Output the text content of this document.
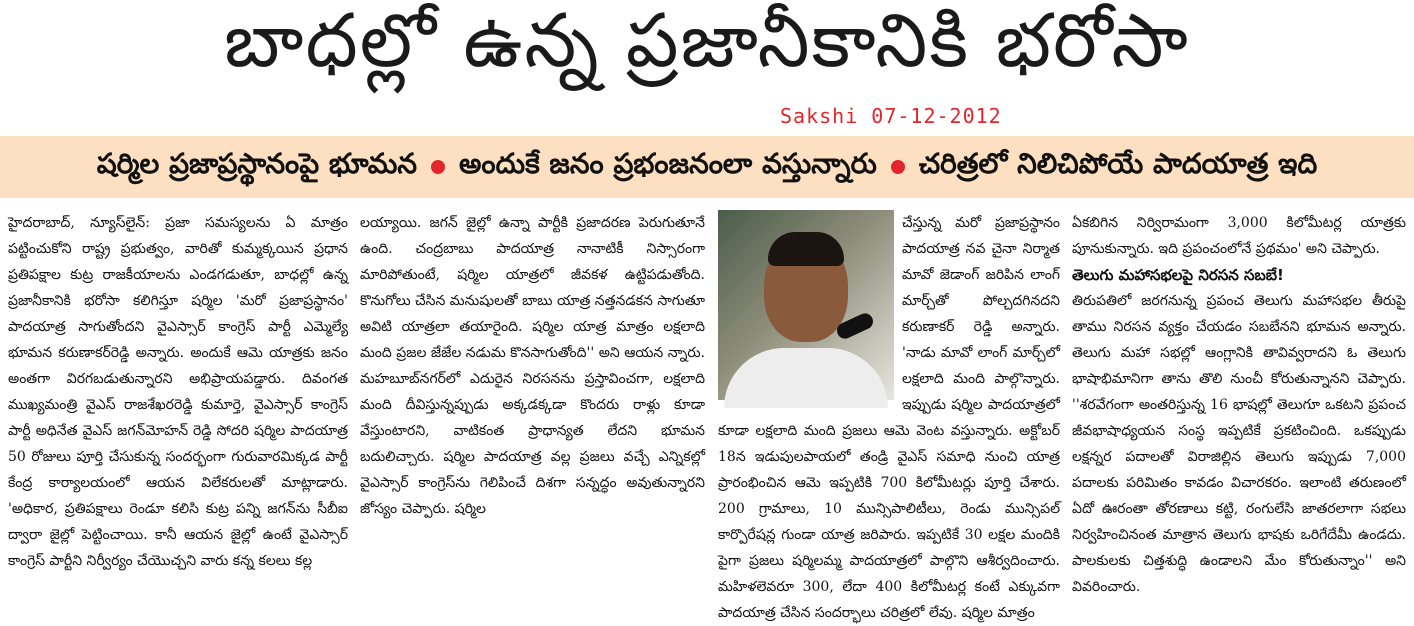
బాధల్లో ఉన్న ప్రజానీకానికి భరోసా
Sakshi 07-12-2012
షర్మిల ప్రజాప్రస్థానంపై భూమన అందుకే జనం ప్రభంజనంలా వస్తున్నారు చరిత్రలో నిలిచిపోయే పాదయాత్ర ఇది

హైదరాబాద్, న్యూస్‌లైన్: ప్రజా సమస్యలను ఏ మాత్రం పట్టించుకోని రాష్ట్ర ప్రభుత్వం, వారితో కుమ్మక్కయిన ప్రధాన ప్రతిపక్షాల కుట్ర రాజకీయాలను ఎండగడుతూ, బాధల్లో ఉన్న ప్రజానీకానికి భరోసా కలిగిస్తూ షర్మిల 'మరో ప్రజాప్రస్థానం' పాదయాత్ర సాగుతోందని వైఎస్సార్ కాంగ్రెస్ పార్టీ ఎమ్మెల్యే భూమన కరుణాకర్‌రెడ్డి అన్నారు. అందుకే ఆమె యాత్రకు జనం అంతగా విరగబడుతున్నారని అభిప్రాయపడ్డారు. దివంగత ముఖ్యమంత్రి వైఎస్ రాజశేఖరరెడ్డి కుమార్తె, వైఎస్సార్ కాంగ్రెస్ పార్టీ అధినేత వైఎస్ జగన్‌మోహన్ రెడ్డి సోదరి షర్మిల పాదయాత్ర 50 రోజులు పూర్తి చేసుకున్న సందర్భంగా గురువారమిక్కడ పార్టీ కేంద్ర కార్యాలయంలో ఆయన విలేకరులతో మాట్లాడారు. 'అధికార, ప్రతిపక్షాలు రెండూ కలిసి కుట్ర పన్ని జగన్‌ను సీబీఐ ద్వారా జైల్లో పెట్టించాయి. కానీ ఆయన జైల్లో ఉంటే వైఎస్సార్ కాంగ్రెస్ పార్టీని నిర్వీర్యం చేయొచ్చని వారు కన్న కలలు కల్ల

లయ్యాయి. జగన్ జైల్లో ఉన్నా పార్టీకి ప్రజాదరణ పెరుగుతూనే ఉంది. చంద్రబాబు పాదయాత్ర నానాటికీ నిస్సారంగా మారిపోతుంటే, షర్మిల యాత్రలో జీవకళ ఉట్టిపడుతోంది. కొనుగోలు చేసిన మనుషులతో బాబు యాత్ర నత్తనడకన సాగుతూ అవిటి యాత్రలా తయారైంది. షర్మిల యాత్ర మాత్రం లక్షలాది మంది ప్రజల జేజేల నడుమ కొనసాగుతోంది'' అని ఆయన న్నారు. మహబూబ్‌నగర్‌లో ఎదురైన నిరసనను ప్రస్తావించగా, లక్షలాది మంది దీవిస్తున్నప్పుడు అక్కడక్కడా కొందరు రాళ్లు కూడా వేస్తుంటారని, వాటికంత ప్రాధాన్యత లేదని భూమన బదులిచ్చారు. షర్మిల పాదయాత్ర వల్ల ప్రజలు వచ్చే ఎన్నికల్లో వైఎస్సార్ కాంగ్రెస్‌ను గెలిపించే దిశగా సన్నద్ధం అవుతున్నారని జోస్యం చెప్పారు. షర్మిల

చేస్తున్న మరో ప్రజాప్రస్థానం పాదయాత్ర నవ చైనా నిర్మాత మావో జెడాంగ్ జరిపిన లాంగ్ మార్చ్‌తో పోల్చదగినదని కరుణాకర్ రెడ్డి అన్నారు. 'నాడు మావో లాంగ్ మార్చ్‌లో లక్షలాది మంది పాల్గొన్నారు. ఇప్పుడు షర్మిల పాదయాత్రలో కూడా లక్షలాది మంది ప్రజలు ఆమె వెంట వస్తున్నారు. అక్టోబర్ 18న ఇడుపులపాయలో తండ్రి వైఎస్ సమాధి నుంచి యాత్ర ప్రారంభించిన ఆమె ఇప్పటికి 700 కిలోమీటర్లు పూర్తి చేశారు. 200 గ్రామాలు, 10 మున్సిపాలిటీలు, రెండు మున్సిపల్ కార్పొరేషన్ల గుండా యాత్ర జరిపారు. ఇప్పటికే 30 లక్షల మందికి పైగా ప్రజలు షర్మిలమ్మ పాదయాత్రలో పాల్గొని ఆశీర్వదించారు. మహిళలెవరూ 300, లేదా 400 కిలోమీటర్ల కంటే ఎక్కువగా పాదయాత్ర చేసిన సందర్భాలు చరిత్రలో లేవు. షర్మిల మాత్రం

ఏకబిగిన నిర్విరామంగా 3,000 కిలోమీటర్ల యాత్రకు పూనుకున్నారు. ఇది ప్రపంచంలోనే ప్రథమం' అని చెప్పారు.

తెలుగు మహాసభలపై నిరసన సబబే!

తిరుపతిలో జరగనున్న ప్రపంచ తెలుగు మహాసభల తీరుపై తాము నిరసన వ్యక్తం చేయడం సబబేనని భూమన అన్నారు. తెలుగు మహా సభల్లో ఆంగ్లానికి తావివ్వరాదని ఓ తెలుగు భాషాభిమానిగా తాను తొలి నుంచీ కోరుతున్నానని చెప్పారు. ''శరవేగంగా అంతరిస్తున్న 16 భాషల్లో తెలుగూ ఒకటని ప్రపంచ జీవభాషాధ్యయన సంస్థ ఇప్పటికే ప్రకటించింది. ఒకప్పుడు లక్షన్నర పదాలతో విరాజిల్లిన తెలుగు ఇప్పుడు 7,000 పదాలకు పరిమితం కావడం విచారకరం. ఇలాంటి తరుణంలో ఏదో ఊరంతా తోరణాలు కట్టి, రంగులేసి జాతరలాగా సభలు నిర్వహించినంత మాత్రాన తెలుగు భాషకు ఒరిగేదేమీ ఉండదు. పాలకులకు చిత్తశుద్ధి ఉండాలని మేం కోరుతున్నాం'' అని వివరించారు.
